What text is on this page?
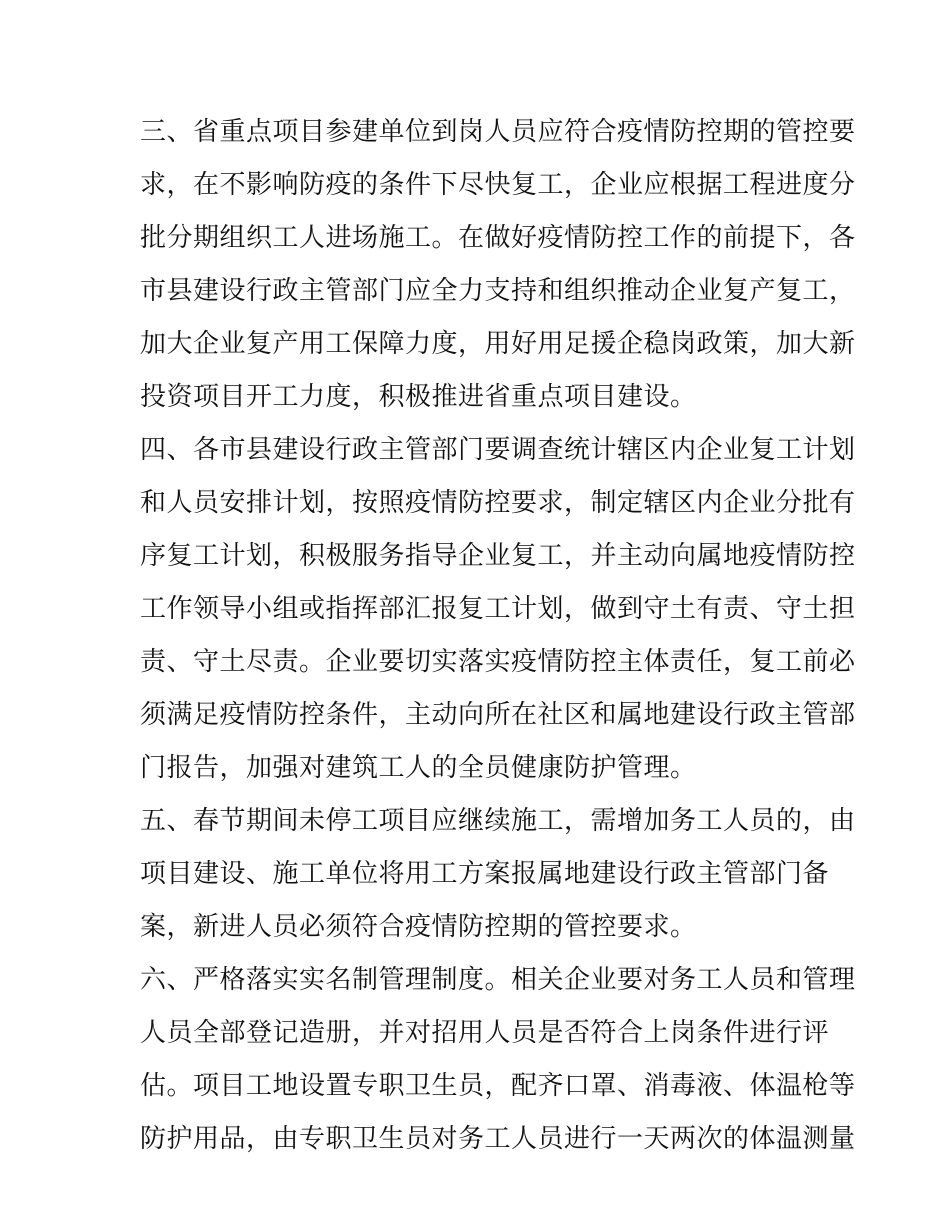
三、省重点项目参建单位到岗人员应符合疫情防控期的管控要
求，在不影响防疫的条件下尽快复工，企业应根据工程进度分
批分期组织工人进场施工。在做好疫情防控工作的前提下，各
市县建设行政主管部门应全力支持和组织推动企业复产复工，
加大企业复产用工保障力度，用好用足援企稳岗政策，加大新
投资项目开工力度，积极推进省重点项目建设。
四、各市县建设行政主管部门要调查统计辖区内企业复工计划
和人员安排计划，按照疫情防控要求，制定辖区内企业分批有
序复工计划，积极服务指导企业复工，并主动向属地疫情防控
工作领导小组或指挥部汇报复工计划，做到守土有责、守土担
责、守土尽责。企业要切实落实疫情防控主体责任，复工前必
须满足疫情防控条件，主动向所在社区和属地建设行政主管部
门报告，加强对建筑工人的全员健康防护管理。
五、春节期间未停工项目应继续施工，需增加务工人员的，由
项目建设、施工单位将用工方案报属地建设行政主管部门备
案，新进人员必须符合疫情防控期的管控要求。
六、严格落实实名制管理制度。相关企业要对务工人员和管理
人员全部登记造册，并对招用人员是否符合上岗条件进行评
估。项目工地设置专职卫生员，配齐口罩、消毒液、体温枪等
防护用品，由专职卫生员对务工人员进行一天两次的体温测量
